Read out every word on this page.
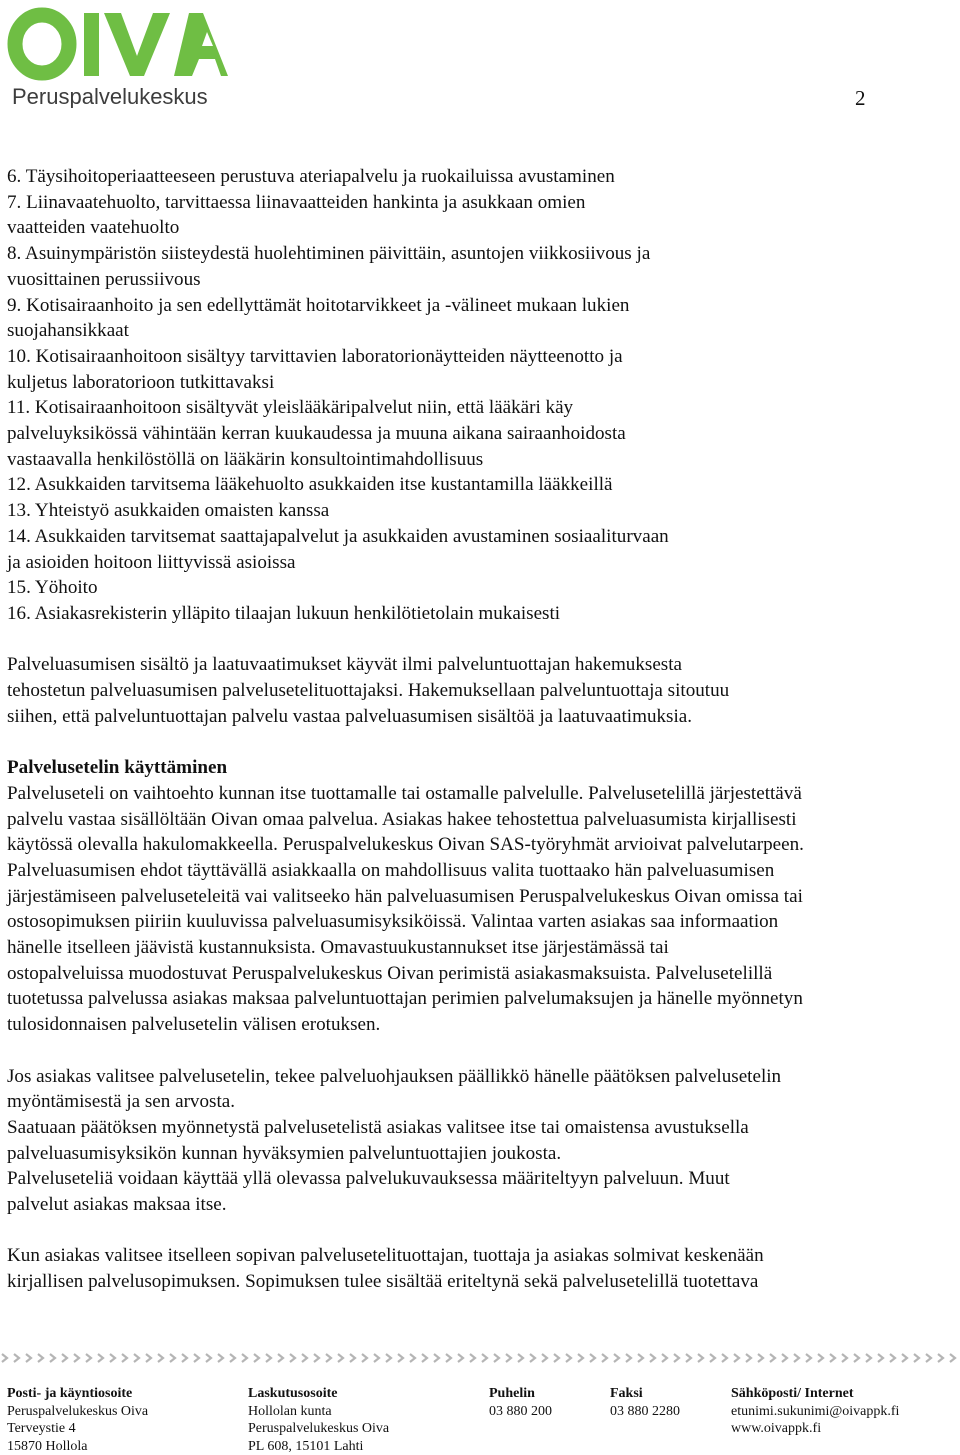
Peruspalvelukeskus	2

6. Täysihoitoperiaatteeseen perustuva ateriapalvelu ja ruokailuissa avustaminen

7. Liinavaatehuolto, tarvittaessa liinavaatteiden hankinta ja asukkaan omien

vaatteiden vaatehuolto

8. Asuinympäristön siisteydestä huolehtiminen päivittäin, asuntojen viikkosiivous ja

vuosittainen perussiivous

9. Kotisairaanhoito ja sen edellyttämät hoitotarvikkeet ja -välineet mukaan lukien

suojahansikkaat

10. Kotisairaanhoitoon sisältyy tarvittavien laboratorionäytteiden näytteenotto ja

kuljetus laboratorioon tutkittavaksi

11. Kotisairaanhoitoon sisältyvät yleislääkäripalvelut niin, että lääkäri käy

palveluyksikössä vähintään kerran kuukaudessa ja muuna aikana sairaanhoidosta

vastaavalla henkilöstöllä on lääkärin konsultointimahdollisuus

12. Asukkaiden tarvitsema lääkehuolto asukkaiden itse kustantamilla lääkkeillä

13. Yhteistyö asukkaiden omaisten kanssa

14. Asukkaiden tarvitsemat saattajapalvelut ja asukkaiden avustaminen sosiaaliturvaan

ja asioiden hoitoon liittyvissä asioissa

15. Yöhoito

16. Asiakasrekisterin ylläpito tilaajan lukuun henkilötietolain mukaisesti

Palveluasumisen sisältö ja laatuvaatimukset käyvät ilmi palveluntuottajan hakemuksesta

tehostetun palveluasumisen palvelusetelituottajaksi. Hakemuksellaan palveluntuottaja sitoutuu

siihen, että palveluntuottajan palvelu vastaa palveluasumisen sisältöä ja laatuvaatimuksia.

Palvelusetelin käyttäminen

Palveluseteli on vaihtoehto kunnan itse tuottamalle tai ostamalle palvelulle. Palvelusetelillä järjestettävä

palvelu vastaa sisällöltään Oivan omaa palvelua. Asiakas hakee tehostettua palveluasumista kirjallisesti

käytössä olevalla hakulomakkeella. Peruspalvelukeskus Oivan SAS-työryhmät arvioivat palvelutarpeen.

Palveluasumisen ehdot täyttävällä asiakkaalla on mahdollisuus valita tuottaako hän palveluasumisen

järjestämiseen palveluseteleitä vai valitseeko hän palveluasumisen Peruspalvelukeskus Oivan omissa tai

ostosopimuksen piiriin kuuluvissa palveluasumisyksiköissä. Valintaa varten asiakas saa informaation

hänelle itselleen jäävistä kustannuksista. Omavastuukustannukset itse järjestämässä tai

ostopalveluissa muodostuvat Peruspalvelukeskus Oivan perimistä asiakasmaksuista. Palvelusetelillä

tuotetussa palvelussa asiakas maksaa palveluntuottajan perimien palvelumaksujen ja hänelle myönnetyn

tulosidonnaisen palvelusetelin välisen erotuksen.

Jos asiakas valitsee palvelusetelin, tekee palveluohjauksen päällikkö hänelle päätöksen palvelusetelin

myöntämisestä ja sen arvosta.

Saatuaan päätöksen myönnetystä palvelusetelistä asiakas valitsee itse tai omaistensa avustuksella

palveluasumisyksikön kunnan hyväksymien palveluntuottajien joukosta.

Palveluseteliä voidaan käyttää yllä olevassa palvelukuvauksessa määriteltyyn palveluun. Muut

palvelut asiakas maksaa itse.

Kun asiakas valitsee itselleen sopivan palvelusetelituottajan, tuottaja ja asiakas solmivat keskenään

kirjallisen palvelusopimuksen. Sopimuksen tulee sisältää eriteltynä sekä palvelusetelillä tuotettava

Posti- ja käyntiosoite
Peruspalvelukeskus Oiva
Terveystie 4
15870 Hollola
Laskutusosoite
Hollolan kunta
Peruspalvelukeskus Oiva
PL 608, 15101 Lahti
Puhelin
03 880 200
Faksi
03 880 2280
Sähköposti/ Internet
etunimi.sukunimi@oivappk.fi
www.oivappk.fi
